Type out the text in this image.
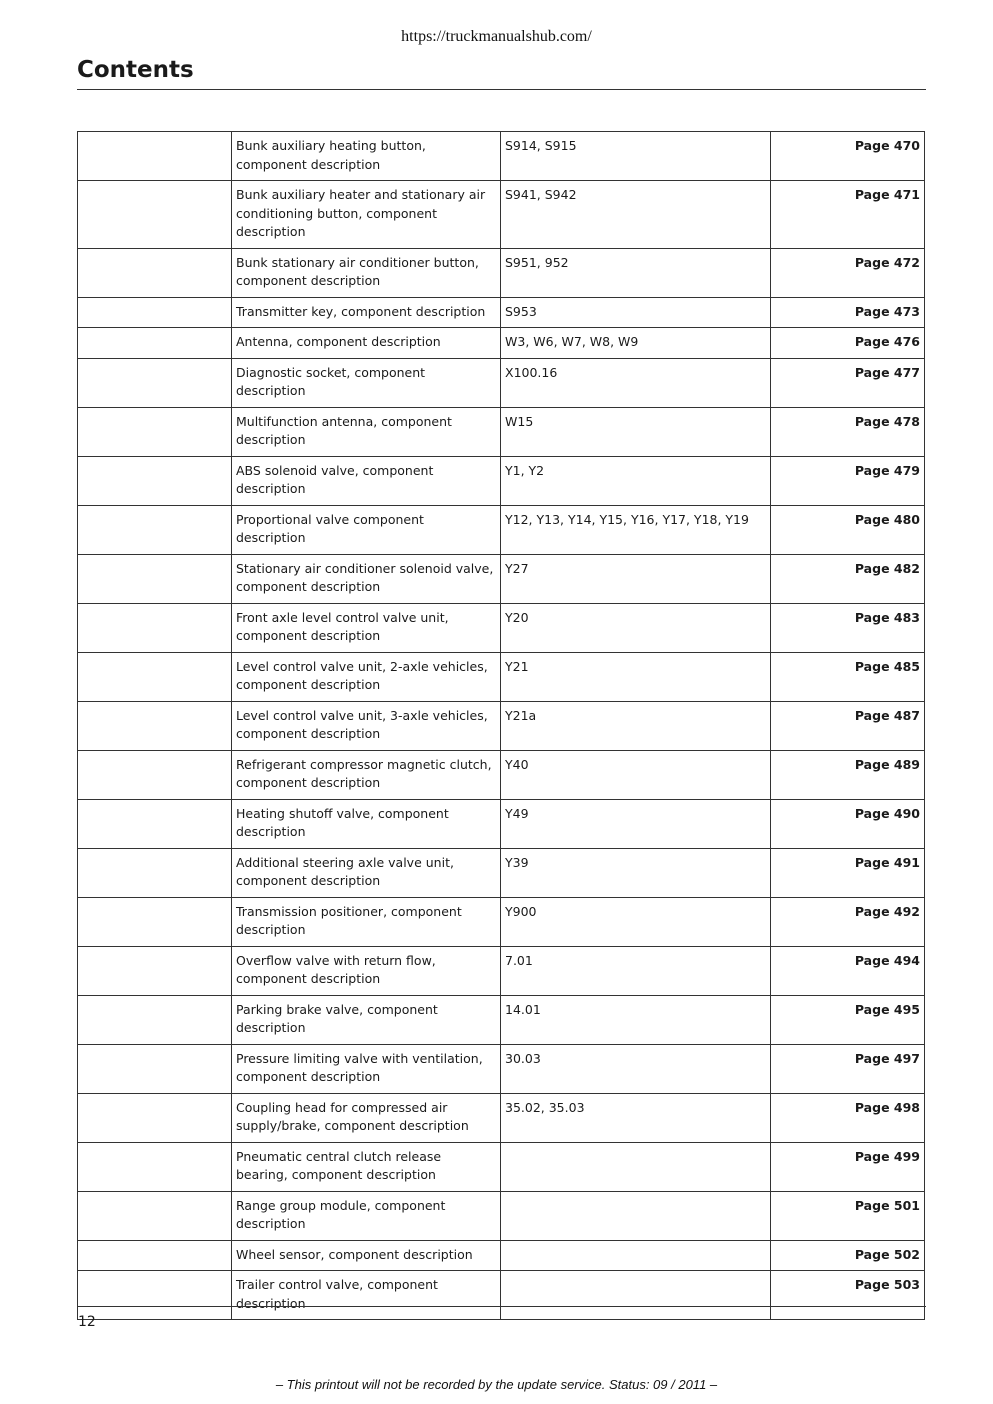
https://truckmanualshub.com/
Contents
	Bunk auxiliary heating button, component description	S914, S915	Page 470
	Bunk auxiliary heater and stationary air conditioning button, component description	S941, S942	Page 471
	Bunk stationary air conditioner button, component description	S951, 952	Page 472
	Transmitter key, component description	S953	Page 473
	Antenna, component description	W3, W6, W7, W8, W9	Page 476
	Diagnostic socket, component description	X100.16	Page 477
	Multifunction antenna, component description	W15	Page 478
	ABS solenoid valve, component description	Y1, Y2	Page 479
	Proportional valve component description	Y12, Y13, Y14, Y15, Y16, Y17, Y18, Y19	Page 480
	Stationary air conditioner solenoid valve, component description	Y27	Page 482
	Front axle level control valve unit, component description	Y20	Page 483
	Level control valve unit, 2-axle vehicles, component description	Y21	Page 485
	Level control valve unit, 3-axle vehicles, component description	Y21a	Page 487
	Refrigerant compressor magnetic clutch, component description	Y40	Page 489
	Heating shutoff valve, component description	Y49	Page 490
	Additional steering axle valve unit, component description	Y39	Page 491
	Transmission positioner, component description	Y900	Page 492
	Overflow valve with return flow, component description	7.01	Page 494
	Parking brake valve, component description	14.01	Page 495
	Pressure limiting valve with ventilation, component description	30.03	Page 497
	Coupling head for compressed air supply/brake, component description	35.02, 35.03	Page 498
	Pneumatic central clutch release bearing, component description		Page 499
	Range group module, component description		Page 501
	Wheel sensor, component description		Page 502
	Trailer control valve, component description		Page 503
12
– This printout will not be recorded by the update service. Status: 09 / 2011 –
